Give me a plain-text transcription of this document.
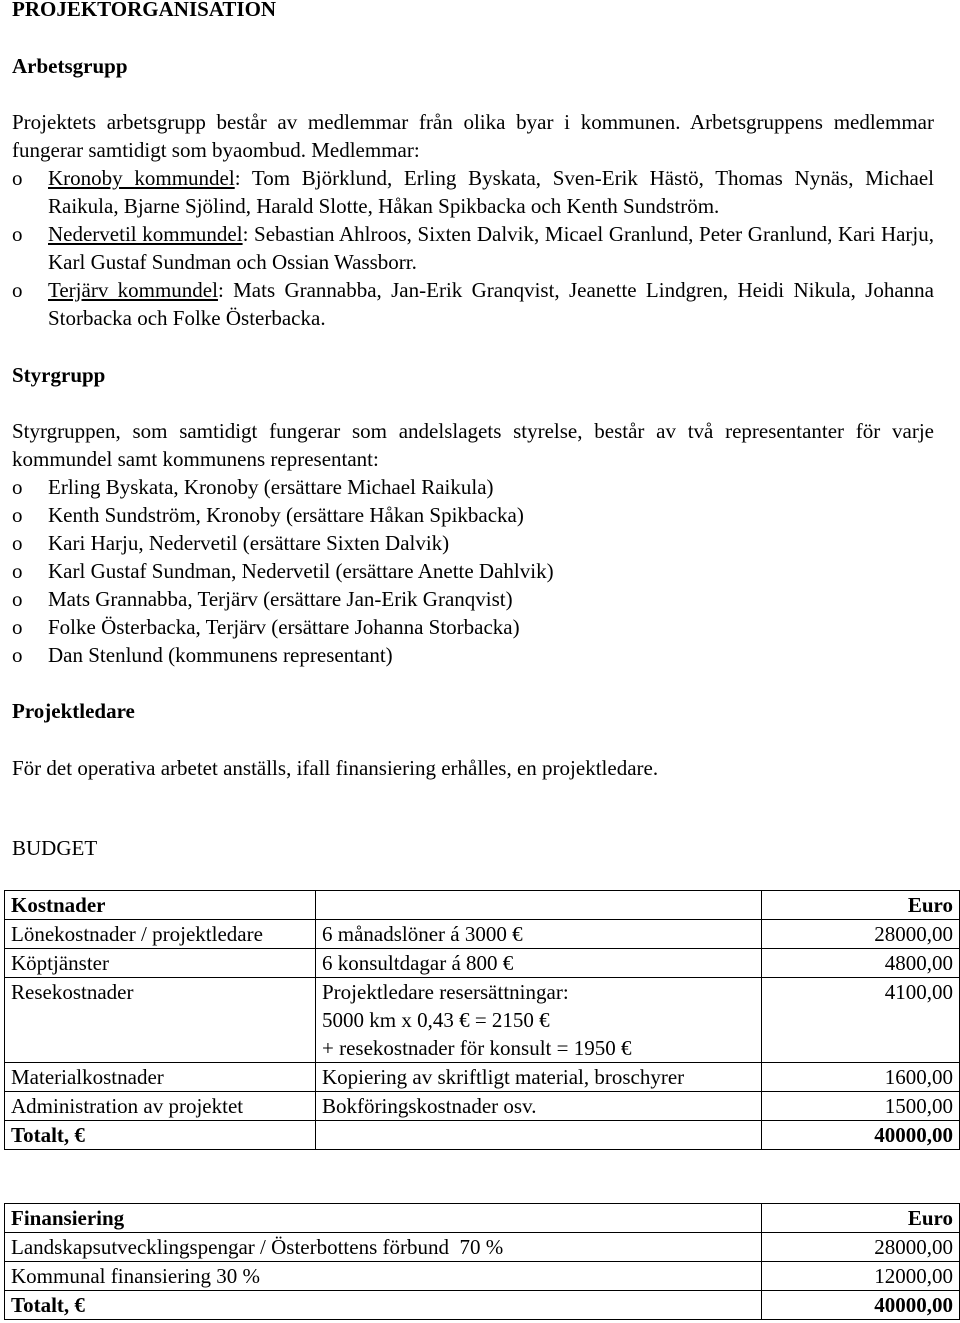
PROJEKTORGANISATION
Arbetsgrupp

Projektets arbetsgrupp består av medlemmar från olika byar i kommunen. Arbetsgruppens medlemmar fungerar samtidigt som byaombud. Medlemmar:

o Kronoby kommundel: Tom Björklund, Erling Byskata, Sven-Erik Hästö, Thomas Nynäs, Michael Raikula, Bjarne Sjölind, Harald Slotte, Håkan Spikbacka och Kenth Sundström.
o Nedervetil kommundel: Sebastian Ahlroos, Sixten Dalvik, Micael Granlund, Peter Granlund, Kari Harju, Karl Gustaf Sundman och Ossian Wassborr.
o Terjärv kommundel: Mats Grannabba, Jan-Erik Granqvist, Jeanette Lindgren, Heidi Nikula, Johanna Storbacka och Folke Österbacka.
Styrgrupp

Styrgruppen, som samtidigt fungerar som andelslagets styrelse, består av två representanter för varje kommundel samt kommunens representant:

o Erling Byskata, Kronoby (ersättare Michael Raikula)
o Kenth Sundström, Kronoby (ersättare Håkan Spikbacka)
o Kari Harju, Nedervetil (ersättare Sixten Dalvik)
o Karl Gustaf Sundman, Nedervetil (ersättare Anette Dahlvik)
o Mats Grannabba, Terjärv (ersättare Jan-Erik Granqvist)
o Folke Österbacka, Terjärv (ersättare Johanna Storbacka)
o Dan Stenlund (kommunens representant)
Projektledare

För det operativa arbetet anställs, ifall finansiering erhålles, en projektledare.

BUDGET
Kostnader		Euro
Lönekostnader / projektledare	6 månadslöner á 3000 €	28000,00
Köptjänster	6 konsultdagar á 800 €	4800,00
Resekostnader	Projektledare resersättningar:
5000 km x 0,43 € = 2150 €
+ resekostnader för konsult = 1950 €	4100,00
Materialkostnader	Kopiering av skriftligt material, broschyrer	1600,00
Administration av projektet	Bokföringskostnader osv.	1500,00
Totalt, €		40000,00
Finansiering	Euro
Landskapsutvecklingspengar / Österbottens förbund  70 %	28000,00
Kommunal finansiering 30 %	12000,00
Totalt, €	40000,00
